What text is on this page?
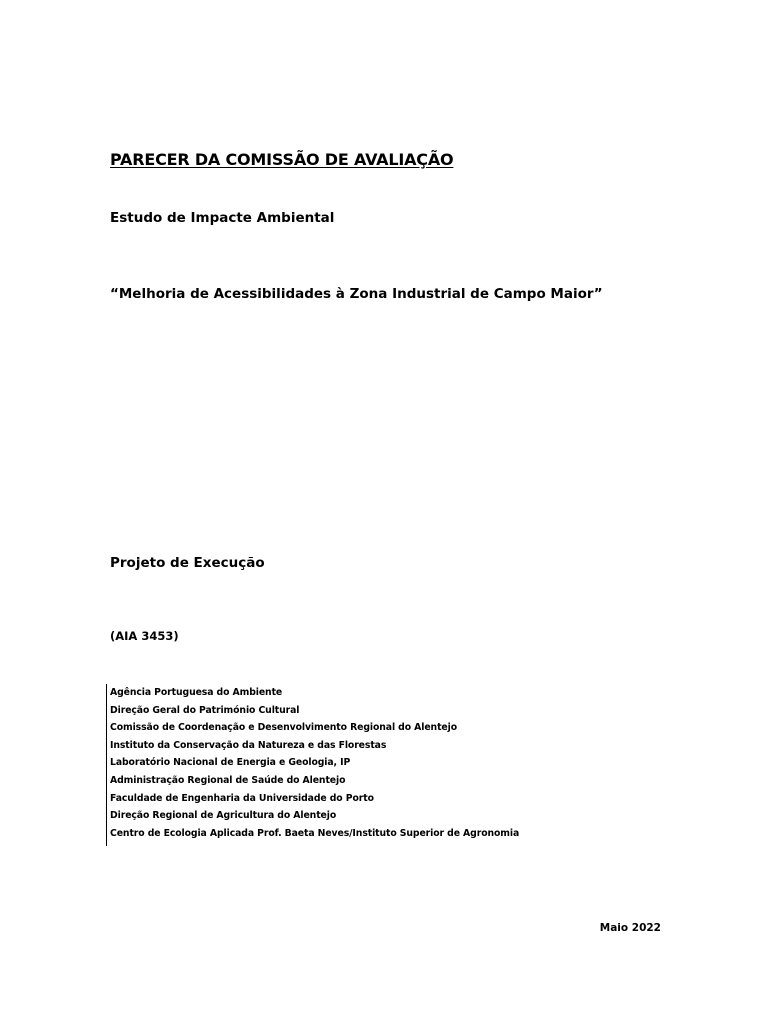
PARECER DA COMISSÃO DE AVALIAÇÃO
Estudo de Impacte Ambiental
“Melhoria de Acessibilidades à Zona Industrial de Campo Maior”
Projeto de Execução
(AIA 3453)
Agência Portuguesa do Ambiente
Direção Geral do Património Cultural
Comissão de Coordenação e Desenvolvimento Regional do Alentejo
Instituto da Conservação da Natureza e das Florestas
Laboratório Nacional de Energia e Geologia, IP
Administração Regional de Saúde do Alentejo
Faculdade de Engenharia da Universidade do Porto
Direção Regional de Agricultura do Alentejo
Centro de Ecologia Aplicada Prof. Baeta Neves/Instituto Superior de Agronomia
Maio 2022
